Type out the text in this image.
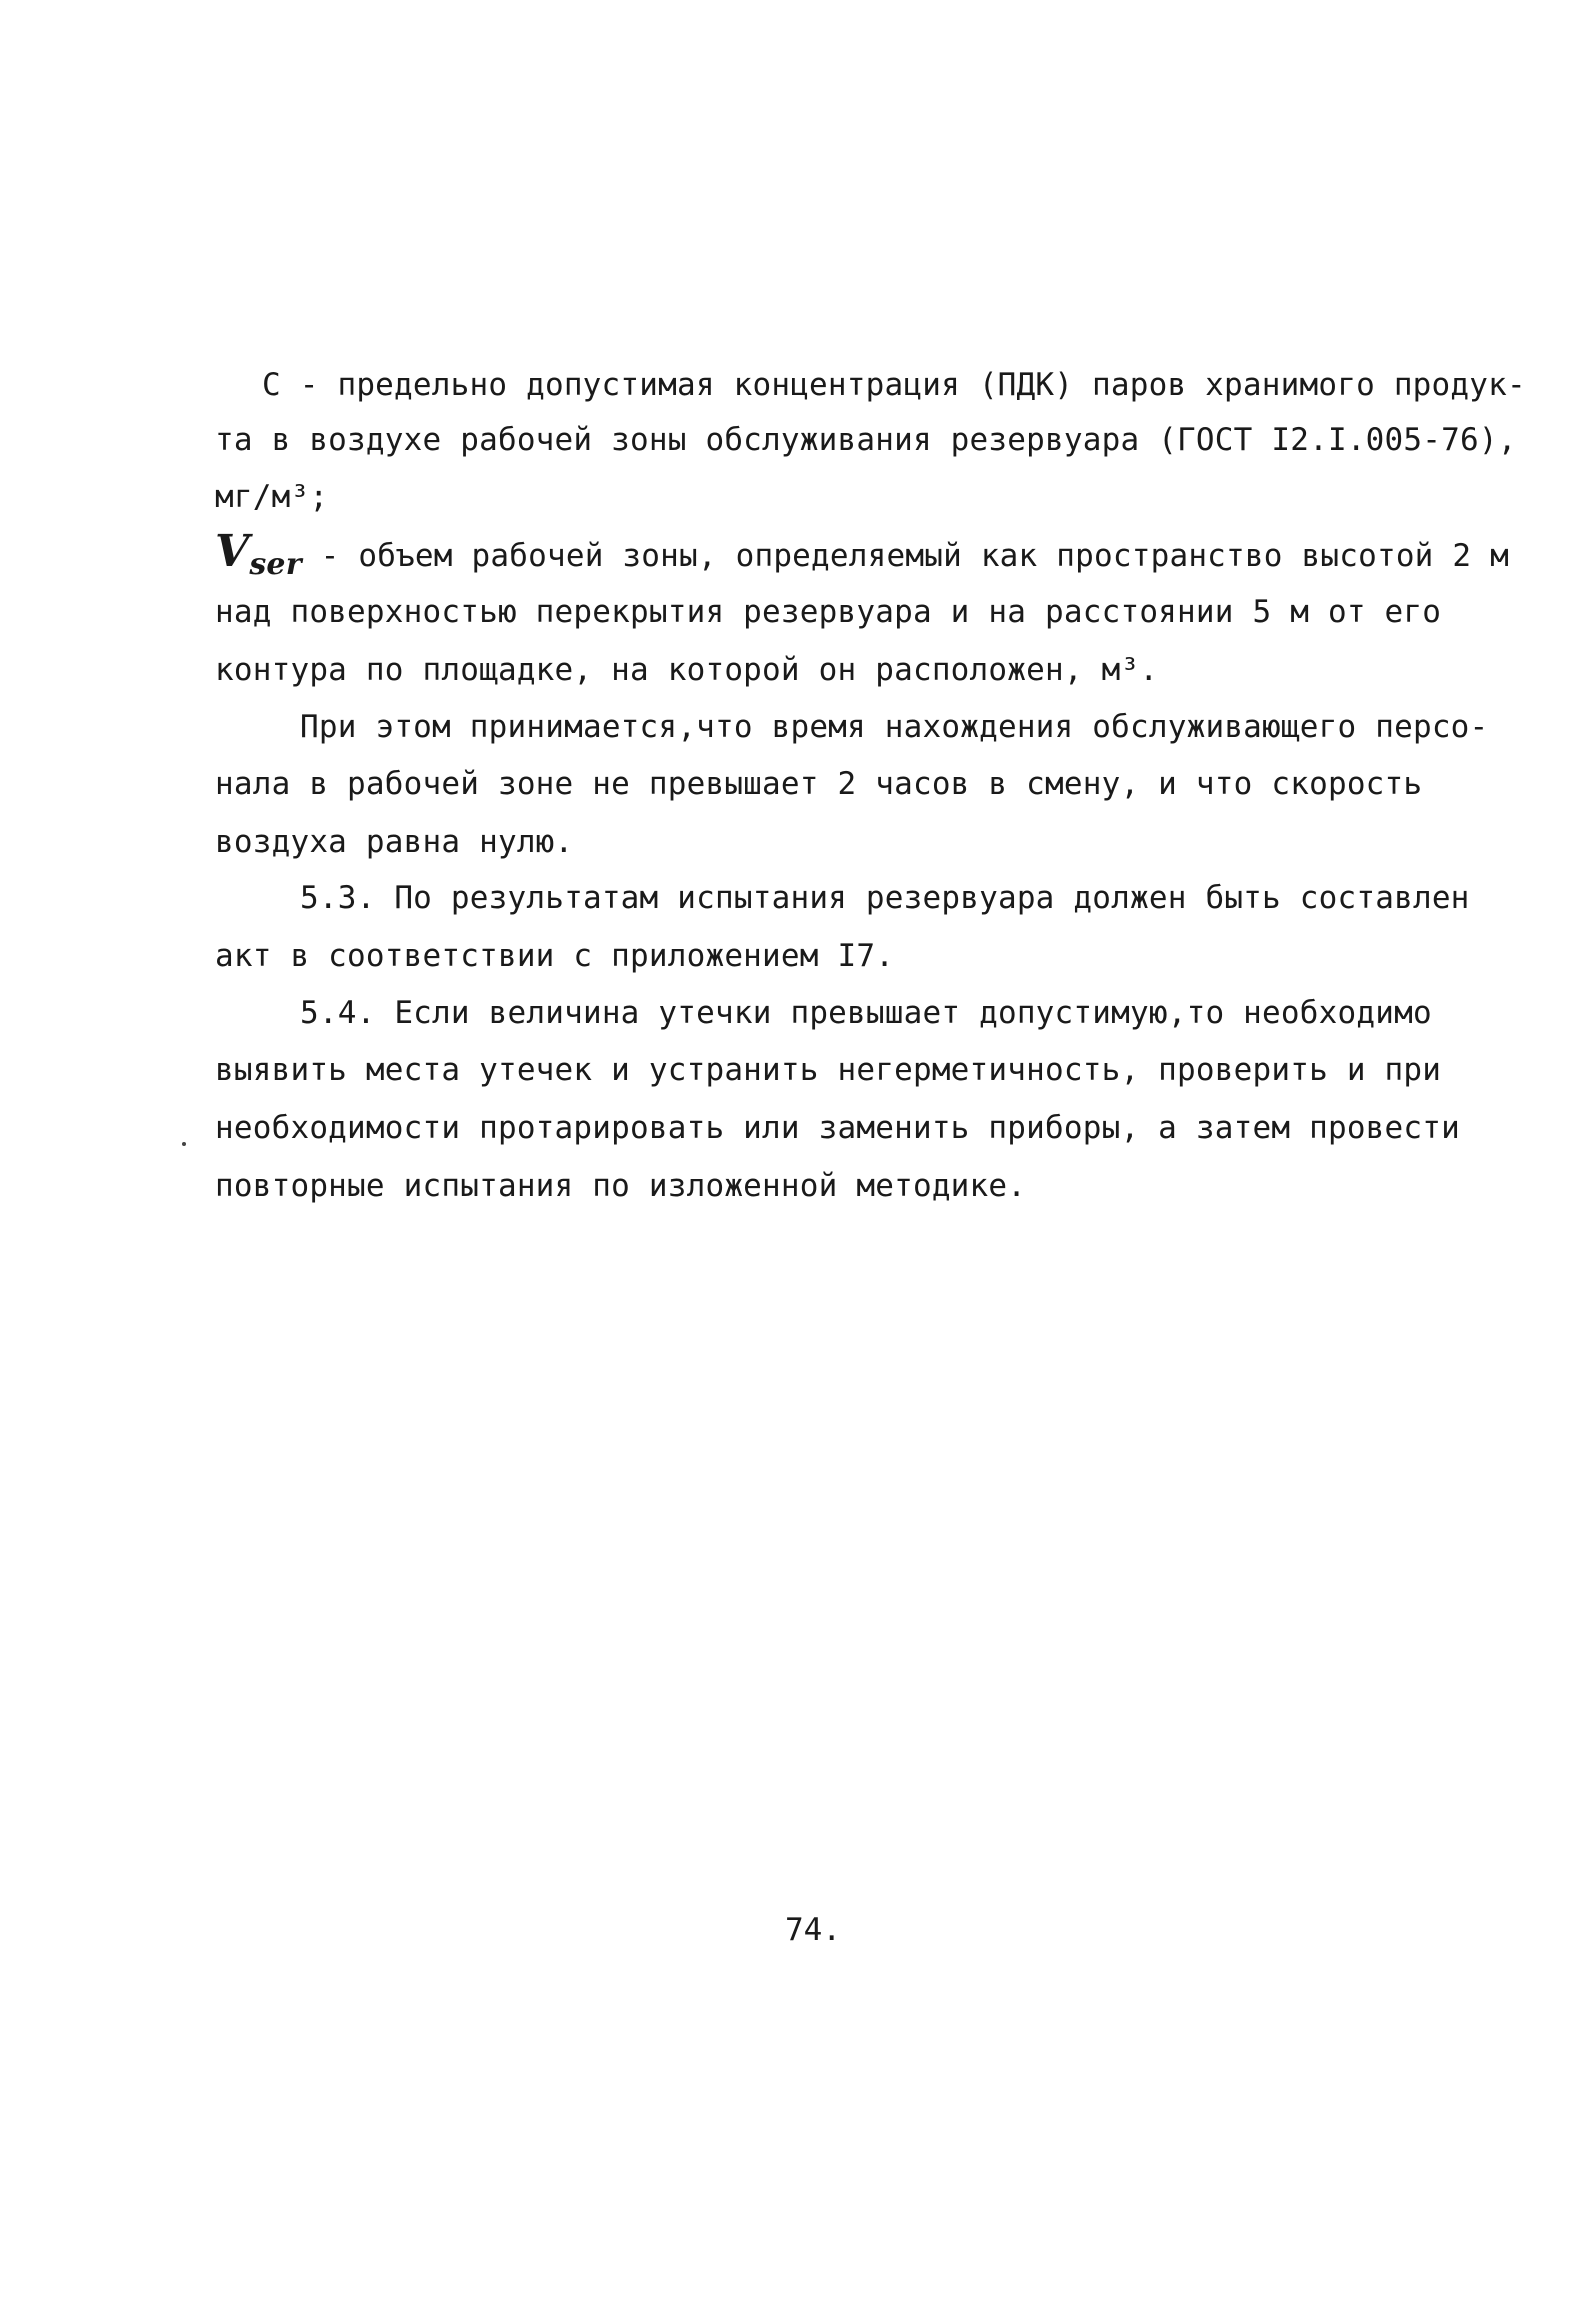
С - предельно допустимая концентрация (ПДК) паров хранимого продук-
та в воздухе рабочей зоны обслуживания резервуара (ГОСТ I2.I.005-76),
мг/м³;
Vser - объем рабочей зоны, определяемый как пространство высотой 2 м
над поверхностью перекрытия резервуара и на расстоянии 5 м от его
контура по площадке, на которой он расположен, м³.
При этом принимается,что время нахождения обслуживающего персо-
нала в рабочей зоне не превышает 2 часов в смену, и что скорость
воздуха равна нулю.
5.3. По результатам испытания резервуара должен быть составлен
акт в соответствии с приложением I7.
5.4. Если величина утечки превышает допустимую,то необходимо
выявить места утечек и устранить негерметичность, проверить и при
необходимости протарировать или заменить приборы, а затем провести
повторные испытания по изложенной методике.
74.
